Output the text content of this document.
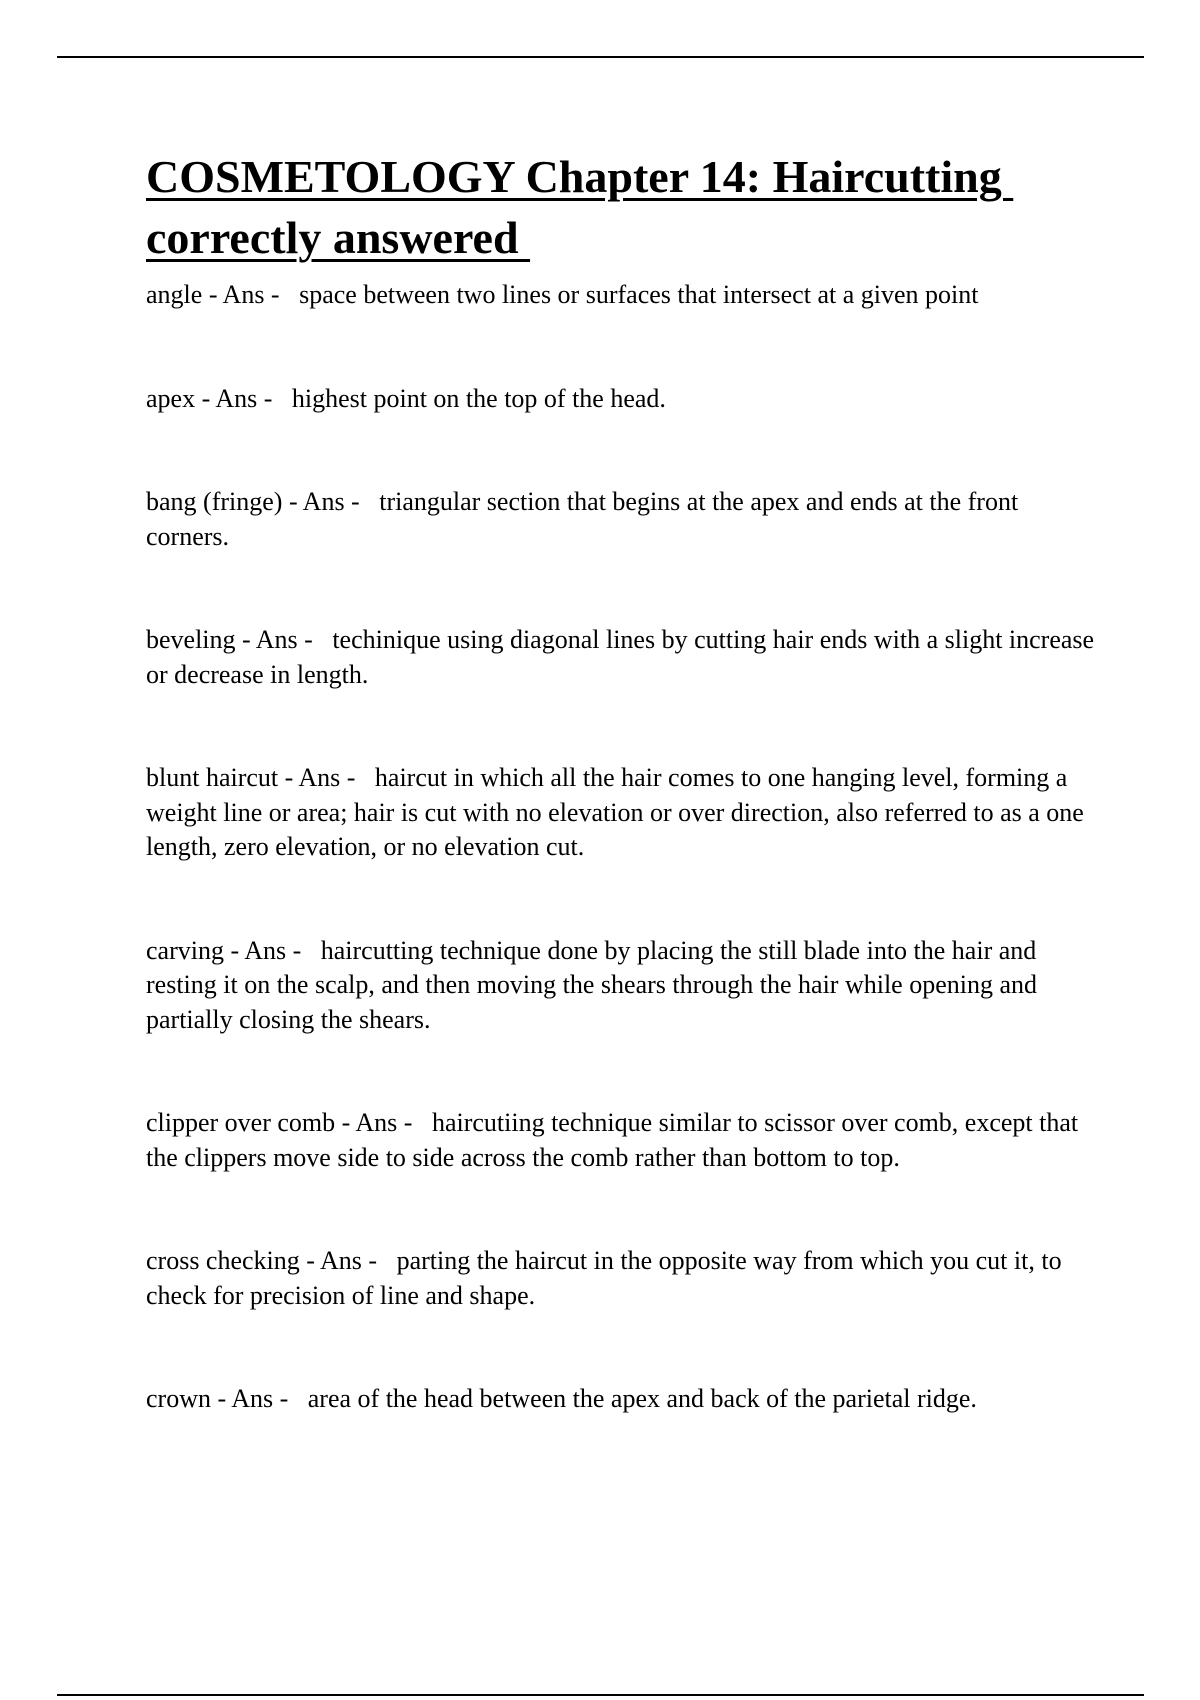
COSMETOLOGY Chapter 14: Haircutting
correctly answered
angle - Ans -   space between two lines or surfaces that intersect at a given point
apex - Ans -   highest point on the top of the head.
bang (fringe) - Ans -   triangular section that begins at the apex and ends at the front corners.
beveling - Ans -   techinique using diagonal lines by cutting hair ends with a slight increase or decrease in length.
blunt haircut - Ans -   haircut in which all the hair comes to one hanging level, forming a weight line or area; hair is cut with no elevation or over direction, also referred to as a one length, zero elevation, or no elevation cut.
carving - Ans -   haircutting technique done by placing the still blade into the hair and resting it on the scalp, and then moving the shears through the hair while opening and partially closing the shears.
clipper over comb - Ans -   haircutiing technique similar to scissor over comb, except that the clippers move side to side across the comb rather than bottom to top.
cross checking - Ans -   parting the haircut in the opposite way from which you cut it, to check for precision of line and shape.
crown - Ans -   area of the head between the apex and back of the parietal ridge.
